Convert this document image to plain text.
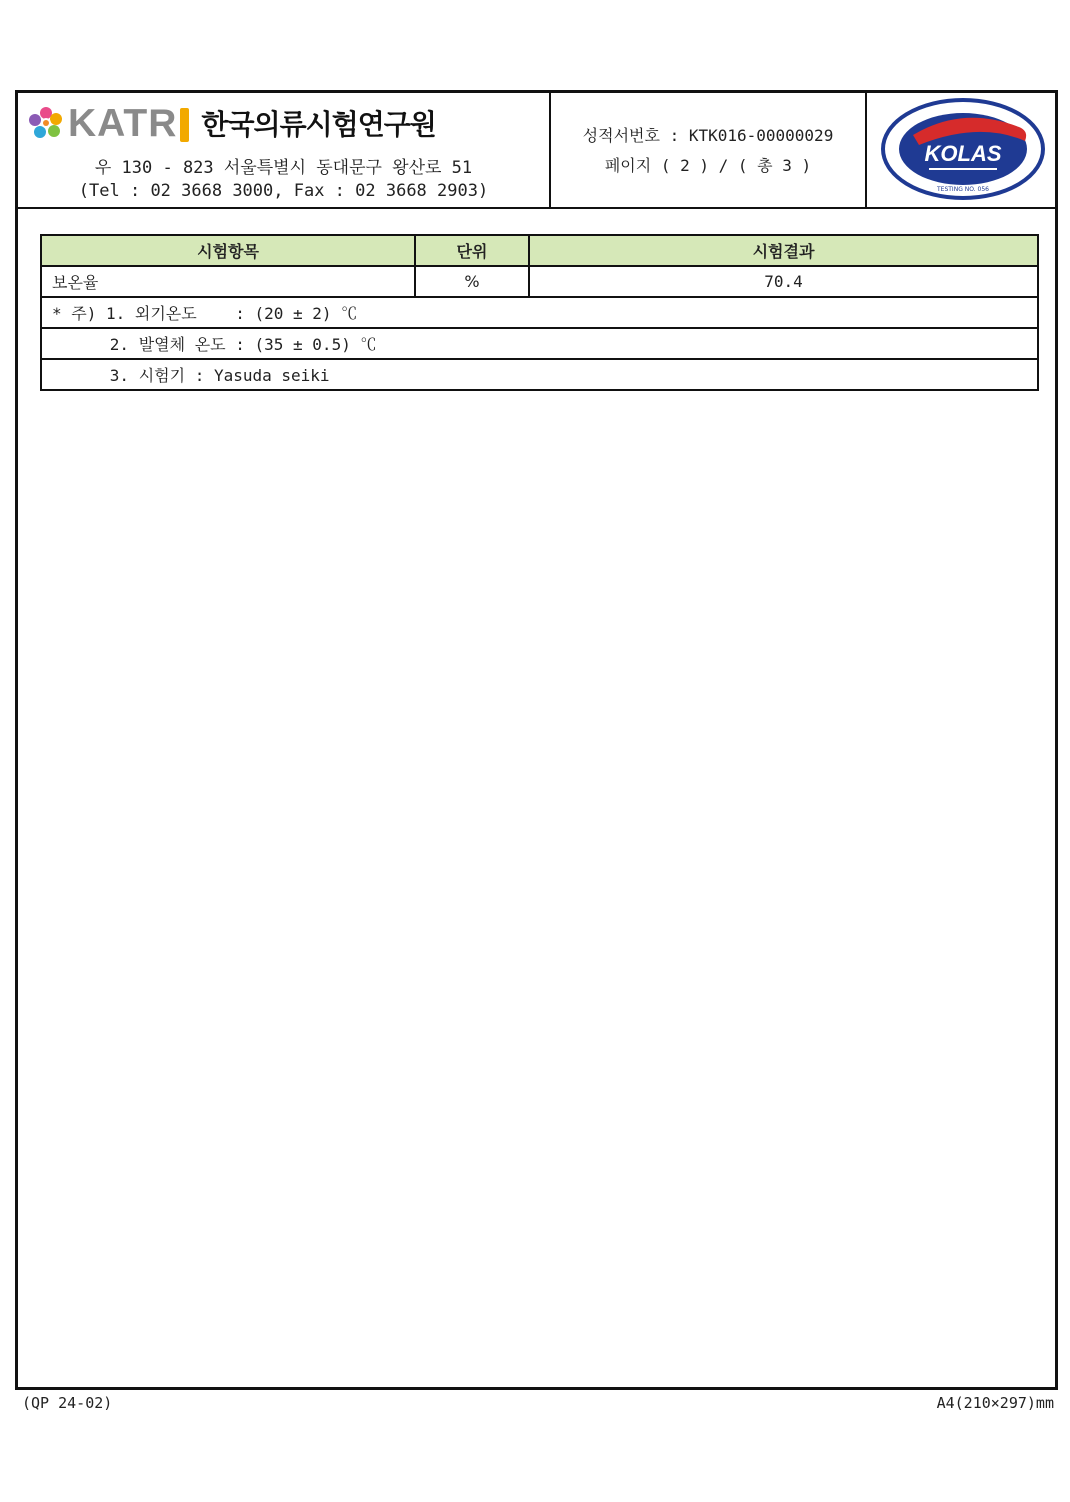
KATR 한국의류시험연구원
우 130 - 823 서울특별시 동대문구 왕산로 51
(Tel : 02 3668 3000, Fax : 02 3668 2903)
성적서번호 : KTK016-00000029
페이지 ( 2 ) / ( 총 3 )	KOLAS
TESTING NO. 056
시험항목	단위	시험결과
보온율	%	70.4
* 주) 1. 외기온도    : (20 ± 2) ℃		
2. 발열체 온도 : (35 ± 0.5) ℃		
3. 시험기 : Yasuda seiki		
(QP 24-02)	A4(210×297)mm
